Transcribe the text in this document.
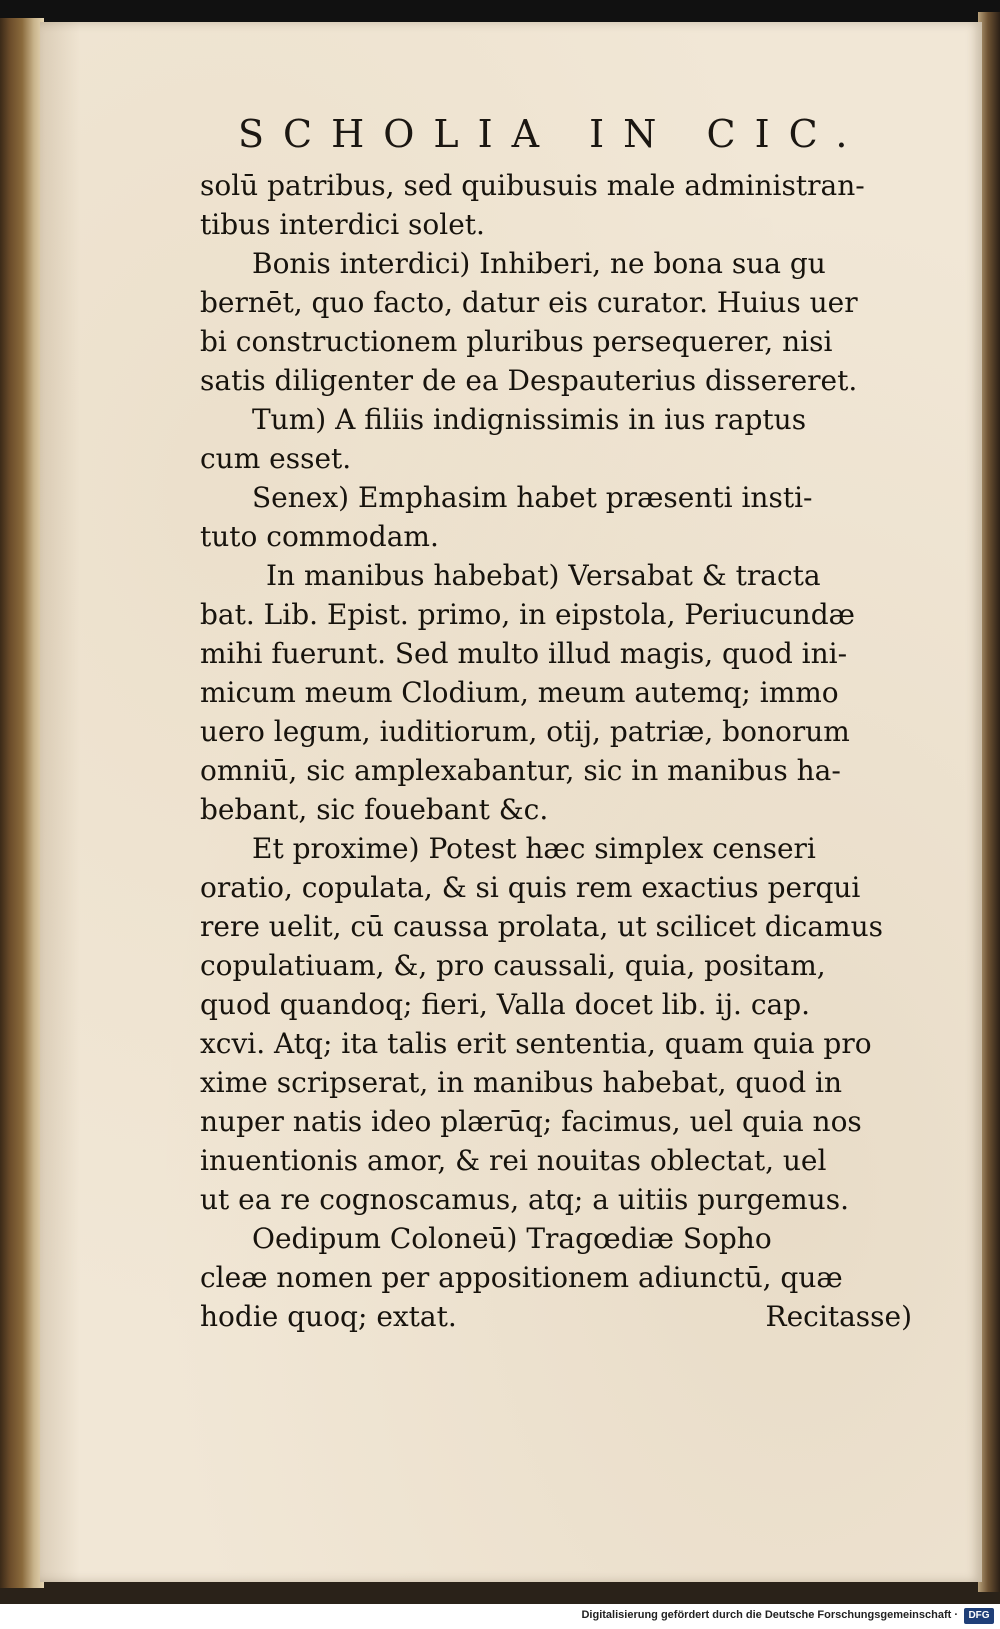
SCHOLIA IN CIC.
solū patribus, sed quibusuis male administran-
tibus interdici solet.
Bonis interdici) Inhiberi, ne bona sua gu
bernēt, quo facto, datur eis curator. Huius uer
bi constructionem pluribus persequerer, nisi
satis diligenter de ea Despauterius dissereret.
Tum) A filiis indignissimis in ius raptus
cum esset.
Senex) Emphasim habet præsenti insti-
tuto commodam.
In manibus habebat) Versabat & tracta
bat. Lib. Epist. primo, in eipstola, Periucundæ
mihi fuerunt. Sed multo illud magis, quod ini-
micum meum Clodium, meum autemq; immo
uero legum, iuditiorum, otij, patriæ, bonorum
omniū, sic amplexabantur, sic in manibus ha-
bebant, sic fouebant &c.
Et proxime) Potest hæc simplex censeri
oratio, copulata, & si quis rem exactius perqui
rere uelit, cū caussa prolata, ut scilicet dicamus
copulatiuam, &, pro caussali, quia, positam,
quod quandoq; fieri, Valla docet lib. ij. cap.
xcvi. Atq; ita talis erit sententia, quam quia pro
xime scripserat, in manibus habebat, quod in
nuper natis ideo plærūq; facimus, uel quia nos
inuentionis amor, & rei nouitas oblectat, uel
ut ea re cognoscamus, atq; a uitiis purgemus.
Oedipum Coloneū) Tragœdiæ Sopho
cleæ nomen per appositionem adiunctū, quæ
hodie quoq; extat.	Recitasse)
Digitalisierung gefördert durch die Deutsche Forschungsgemeinschaft ·	DFG
